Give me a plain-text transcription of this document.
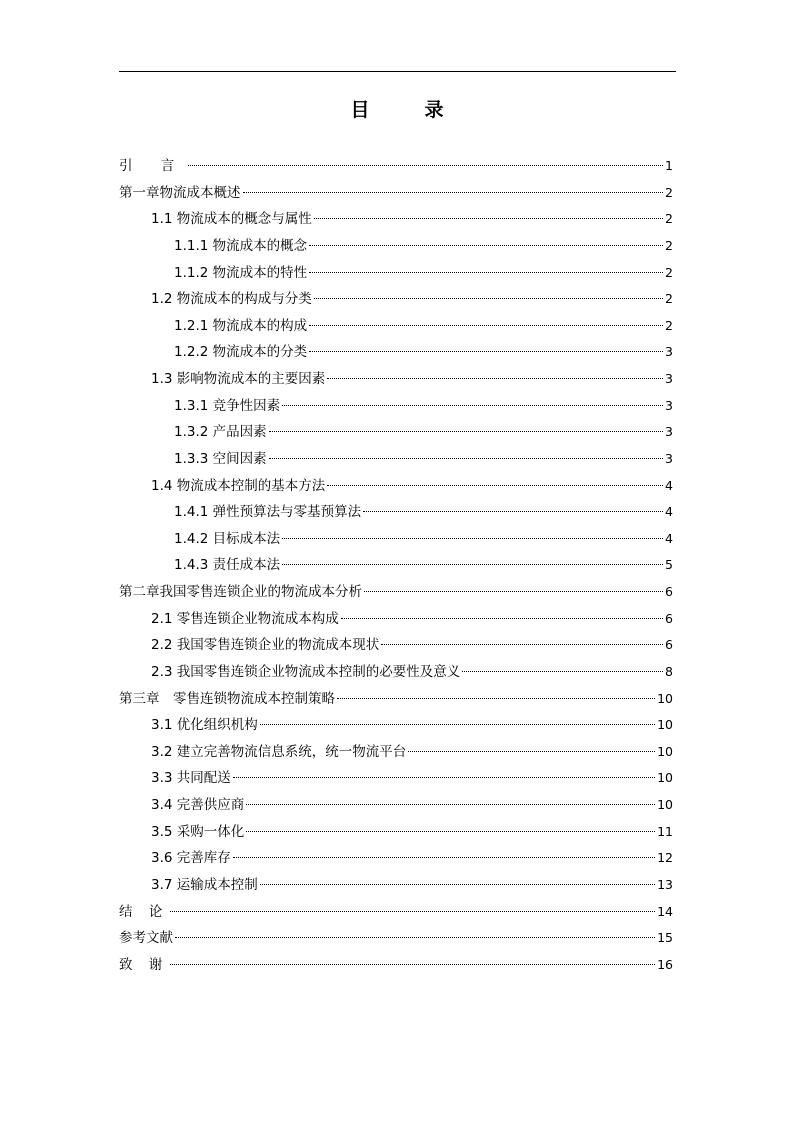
目　录
引 言	1
第一章物流成本概述	2
1.1 物流成本的概念与属性	2
1.1.1 物流成本的概念	2
1.1.2 物流成本的特性	2
1.2 物流成本的构成与分类	2
1.2.1 物流成本的构成	2
1.2.2 物流成本的分类	3
1.3 影响物流成本的主要因素	3
1.3.1 竞争性因素	3
1.3.2 产品因素	3
1.3.3 空间因素	3
1.4 物流成本控制的基本方法	4
1.4.1 弹性预算法与零基预算法	4
1.4.2 目标成本法	4
1.4.3 责任成本法	5
第二章我国零售连锁企业的物流成本分析	6
2.1 零售连锁企业物流成本构成	6
2.2 我国零售连锁企业的物流成本现状	6
2.3 我国零售连锁企业物流成本控制的必要性及意义	8
第三章　零售连锁物流成本控制策略	10
3.1 优化组织机构	10
3.2 建立完善物流信息系统，统一物流平台	10
3.3 共同配送	10
3.4 完善供应商	10
3.5 采购一体化	11
3.6 完善库存	12
3.7 运输成本控制	13
结 论	14
参考文献	15
致 谢	16
